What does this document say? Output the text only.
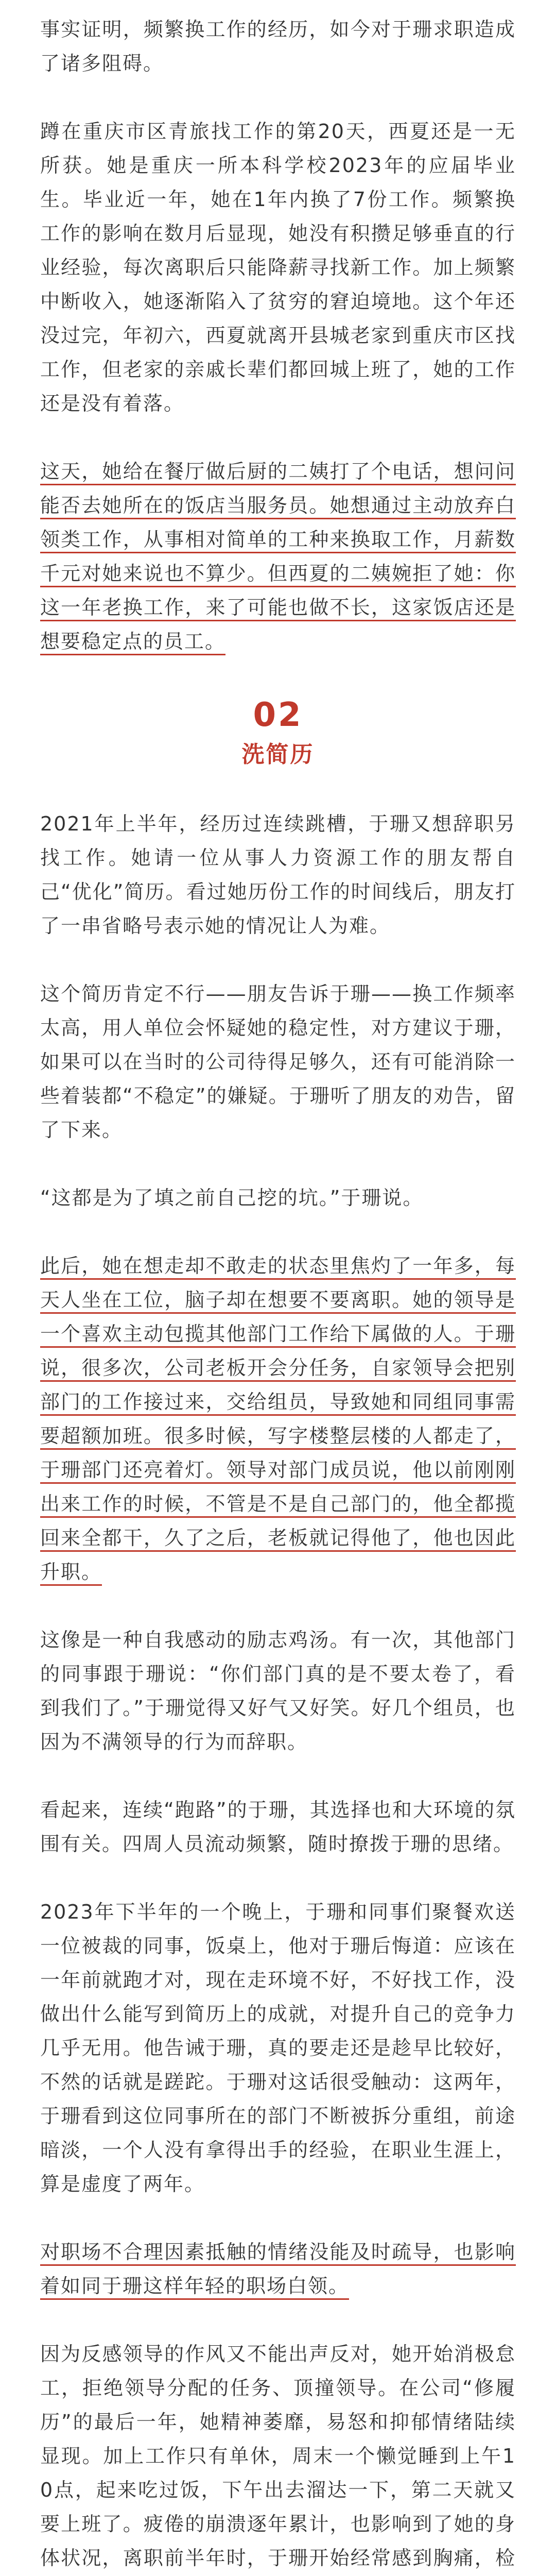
事实证明，频繁换工作的经历，如今对于珊求职造成了诸多阻碍。

蹲在重庆市区青旅找工作的第20天，西夏还是一无所获。她是重庆一所本科学校2023年的应届毕业生。毕业近一年，她在1年内换了7份工作。频繁换工作的影响在数月后显现，她没有积攒足够垂直的行业经验，每次离职后只能降薪寻找新工作。加上频繁中断收入，她逐渐陷入了贫穷的窘迫境地。这个年还没过完，年初六，西夏就离开县城老家到重庆市区找工作，但老家的亲戚长辈们都回城上班了，她的工作还是没有着落。

这天，她给在餐厅做后厨的二姨打了个电话，想问问能否去她所在的饭店当服务员。她想通过主动放弃白领类工作，从事相对简单的工种来换取工作，月薪数千元对她来说也不算少。但西夏的二姨婉拒了她：你这一年老换工作，来了可能也做不长，这家饭店还是想要稳定点的员工。

02
洗简历

2021年上半年，经历过连续跳槽，于珊又想辞职另找工作。她请一位从事人力资源工作的朋友帮自己“优化”简历。看过她历份工作的时间线后，朋友打了一串省略号表示她的情况让人为难。

这个简历肯定不行——朋友告诉于珊——换工作频率太高，用人单位会怀疑她的稳定性，对方建议于珊，如果可以在当时的公司待得足够久，还有可能消除一些着装都“不稳定”的嫌疑。于珊听了朋友的劝告，留了下来。

“这都是为了填之前自己挖的坑。”于珊说。

此后，她在想走却不敢走的状态里焦灼了一年多，每天人坐在工位，脑子却在想要不要离职。她的领导是一个喜欢主动包揽其他部门工作给下属做的人。于珊说，很多次，公司老板开会分任务，自家领导会把别部门的工作接过来，交给组员，导致她和同组同事需要超额加班。很多时候，写字楼整层楼的人都走了，于珊部门还亮着灯。领导对部门成员说，他以前刚刚出来工作的时候，不管是不是自己部门的，他全都揽回来全都干，久了之后，老板就记得他了，他也因此升职。

这像是一种自我感动的励志鸡汤。有一次，其他部门的同事跟于珊说：“你们部门真的是不要太卷了，看到我们了。”于珊觉得又好气又好笑。好几个组员，也因为不满领导的行为而辞职。

看起来，连续“跑路”的于珊，其选择也和大环境的氛围有关。四周人员流动频繁，随时撩拨于珊的思绪。

2023年下半年的一个晚上，于珊和同事们聚餐欢送一位被裁的同事，饭桌上，他对于珊后悔道：应该在一年前就跑才对，现在走环境不好，不好找工作，没做出什么能写到简历上的成就，对提升自己的竞争力几乎无用。他告诫于珊，真的要走还是趁早比较好，不然的话就是蹉跎。于珊对这话很受触动：这两年，于珊看到这位同事所在的部门不断被拆分重组，前途暗淡，一个人没有拿得出手的经验，在职业生涯上，算是虚度了两年。

对职场不合理因素抵触的情绪没能及时疏导，也影响着如同于珊这样年轻的职场白领。

因为反感领导的作风又不能出声反对，她开始消极怠工，拒绝领导分配的任务、顶撞领导。在公司“修履历”的最后一年，她精神萎靡，易怒和抑郁情绪陆续显现。加上工作只有单休，周末一个懒觉睡到上午10点，起来吃过饭，下午出去溜达一下，第二天就又要上班了。疲倦的崩溃逐年累计，也影响到了她的身体状况，离职前半年时，于珊开始经常感到胸痛，检
